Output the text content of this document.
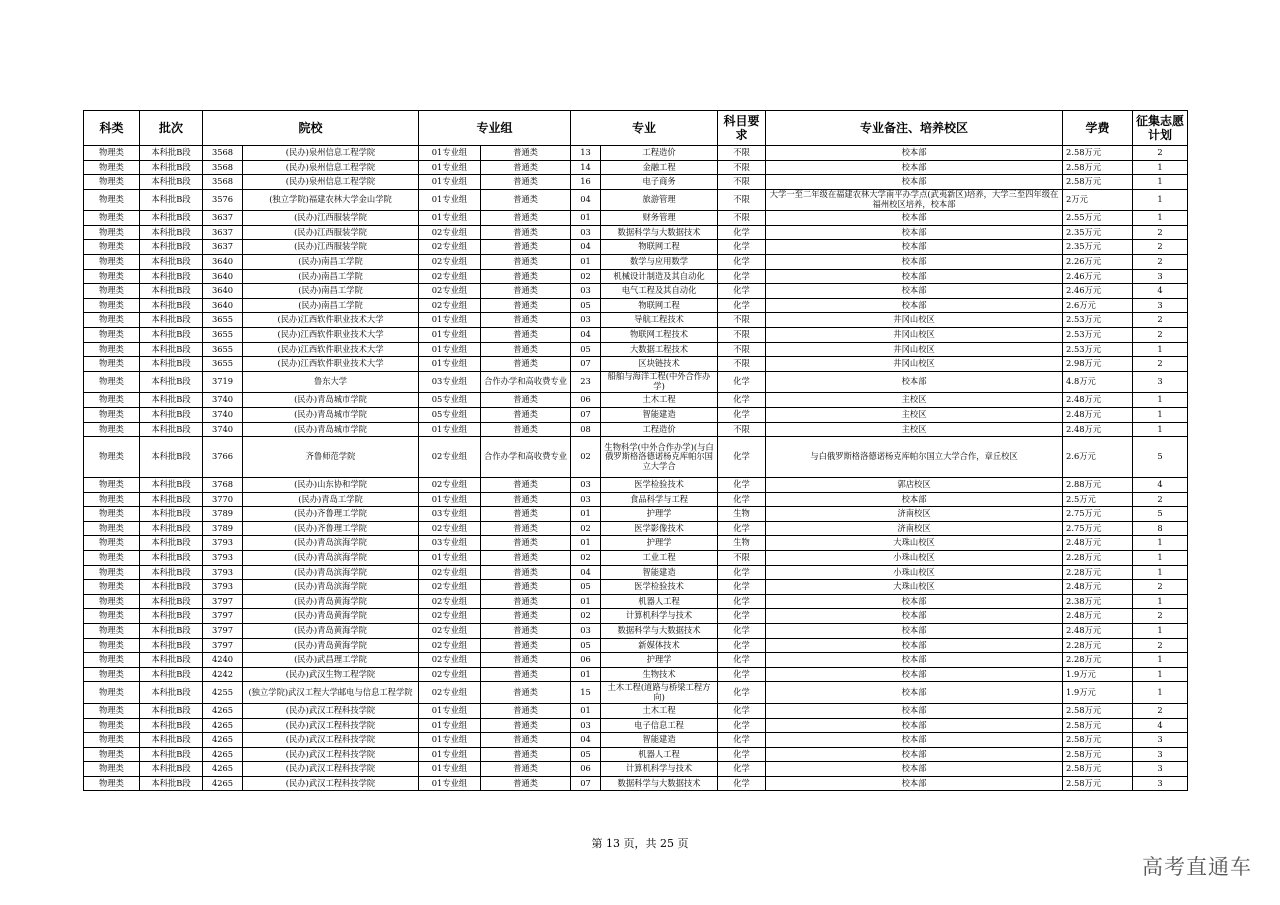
科类	批次	院校		专业组		专业		科目要求	专业备注、培养校区	学费	征集志愿计划
物理类	本科批B段	3568	(民办)泉州信息工程学院	01专业组	普通类	13	工程造价	不限	校本部	2.58万元	2
物理类	本科批B段	3568	(民办)泉州信息工程学院	01专业组	普通类	14	金融工程	不限	校本部	2.58万元	1
物理类	本科批B段	3568	(民办)泉州信息工程学院	01专业组	普通类	16	电子商务	不限	校本部	2.58万元	1
物理类	本科批B段	3576	(独立学院)福建农林大学金山学院	01专业组	普通类	04	旅游管理	不限	大学一至二年级在福建农林大学南平办学点(武夷新区)培养，大学三至四年级在福州校区培养，校本部	2万元	1
物理类	本科批B段	3637	(民办)江西服装学院	01专业组	普通类	01	财务管理	不限	校本部	2.55万元	1
物理类	本科批B段	3637	(民办)江西服装学院	02专业组	普通类	03	数据科学与大数据技术	化学	校本部	2.35万元	2
物理类	本科批B段	3637	(民办)江西服装学院	02专业组	普通类	04	物联网工程	化学	校本部	2.35万元	2
物理类	本科批B段	3640	(民办)南昌工学院	02专业组	普通类	01	数学与应用数学	化学	校本部	2.26万元	2
物理类	本科批B段	3640	(民办)南昌工学院	02专业组	普通类	02	机械设计制造及其自动化	化学	校本部	2.46万元	3
物理类	本科批B段	3640	(民办)南昌工学院	02专业组	普通类	03	电气工程及其自动化	化学	校本部	2.46万元	4
物理类	本科批B段	3640	(民办)南昌工学院	02专业组	普通类	05	物联网工程	化学	校本部	2.6万元	3
物理类	本科批B段	3655	(民办)江西软件职业技术大学	01专业组	普通类	03	导航工程技术	不限	井冈山校区	2.53万元	2
物理类	本科批B段	3655	(民办)江西软件职业技术大学	01专业组	普通类	04	物联网工程技术	不限	井冈山校区	2.53万元	2
物理类	本科批B段	3655	(民办)江西软件职业技术大学	01专业组	普通类	05	大数据工程技术	不限	井冈山校区	2.53万元	1
物理类	本科批B段	3655	(民办)江西软件职业技术大学	01专业组	普通类	07	区块链技术	不限	井冈山校区	2.98万元	2
物理类	本科批B段	3719	鲁东大学	03专业组	合作办学和高收费专业	23	船舶与海洋工程(中外合作办学)	化学	校本部	4.8万元	3
物理类	本科批B段	3740	(民办)青岛城市学院	05专业组	普通类	06	土木工程	化学	主校区	2.48万元	1
物理类	本科批B段	3740	(民办)青岛城市学院	05专业组	普通类	07	智能建造	化学	主校区	2.48万元	1
物理类	本科批B段	3740	(民办)青岛城市学院	01专业组	普通类	08	工程造价	不限	主校区	2.48万元	1
物理类	本科批B段	3766	齐鲁师范学院	02专业组	合作办学和高收费专业	02	生物科学(中外合作办学)(与白俄罗斯格洛德诺杨克库帕尔国立大学合	化学	与白俄罗斯格洛德诺杨克库帕尔国立大学合作，章丘校区	2.6万元	5
物理类	本科批B段	3768	(民办)山东协和学院	02专业组	普通类	03	医学检验技术	化学	郭店校区	2.88万元	4
物理类	本科批B段	3770	(民办)青岛工学院	01专业组	普通类	03	食品科学与工程	化学	校本部	2.5万元	2
物理类	本科批B段	3789	(民办)齐鲁理工学院	03专业组	普通类	01	护理学	生物	济南校区	2.75万元	5
物理类	本科批B段	3789	(民办)齐鲁理工学院	02专业组	普通类	02	医学影像技术	化学	济南校区	2.75万元	8
物理类	本科批B段	3793	(民办)青岛滨海学院	03专业组	普通类	01	护理学	生物	大珠山校区	2.48万元	1
物理类	本科批B段	3793	(民办)青岛滨海学院	01专业组	普通类	02	工业工程	不限	小珠山校区	2.28万元	1
物理类	本科批B段	3793	(民办)青岛滨海学院	02专业组	普通类	04	智能建造	化学	小珠山校区	2.28万元	1
物理类	本科批B段	3793	(民办)青岛滨海学院	02专业组	普通类	05	医学检验技术	化学	大珠山校区	2.48万元	2
物理类	本科批B段	3797	(民办)青岛黄海学院	02专业组	普通类	01	机器人工程	化学	校本部	2.38万元	1
物理类	本科批B段	3797	(民办)青岛黄海学院	02专业组	普通类	02	计算机科学与技术	化学	校本部	2.48万元	2
物理类	本科批B段	3797	(民办)青岛黄海学院	02专业组	普通类	03	数据科学与大数据技术	化学	校本部	2.48万元	1
物理类	本科批B段	3797	(民办)青岛黄海学院	02专业组	普通类	05	新媒体技术	化学	校本部	2.28万元	2
物理类	本科批B段	4240	(民办)武昌理工学院	02专业组	普通类	06	护理学	化学	校本部	2.28万元	1
物理类	本科批B段	4242	(民办)武汉生物工程学院	02专业组	普通类	01	生物技术	化学	校本部	1.9万元	1
物理类	本科批B段	4255	(独立学院)武汉工程大学邮电与信息工程学院	02专业组	普通类	15	土木工程(道路与桥梁工程方向)	化学	校本部	1.9万元	1
物理类	本科批B段	4265	(民办)武汉工程科技学院	01专业组	普通类	01	土木工程	化学	校本部	2.58万元	2
物理类	本科批B段	4265	(民办)武汉工程科技学院	01专业组	普通类	03	电子信息工程	化学	校本部	2.58万元	4
物理类	本科批B段	4265	(民办)武汉工程科技学院	01专业组	普通类	04	智能建造	化学	校本部	2.58万元	3
物理类	本科批B段	4265	(民办)武汉工程科技学院	01专业组	普通类	05	机器人工程	化学	校本部	2.58万元	3
物理类	本科批B段	4265	(民办)武汉工程科技学院	01专业组	普通类	06	计算机科学与技术	化学	校本部	2.58万元	3
物理类	本科批B段	4265	(民办)武汉工程科技学院	01专业组	普通类	07	数据科学与大数据技术	化学	校本部	2.58万元	3
第 13 页，共 25 页
高考直通车
